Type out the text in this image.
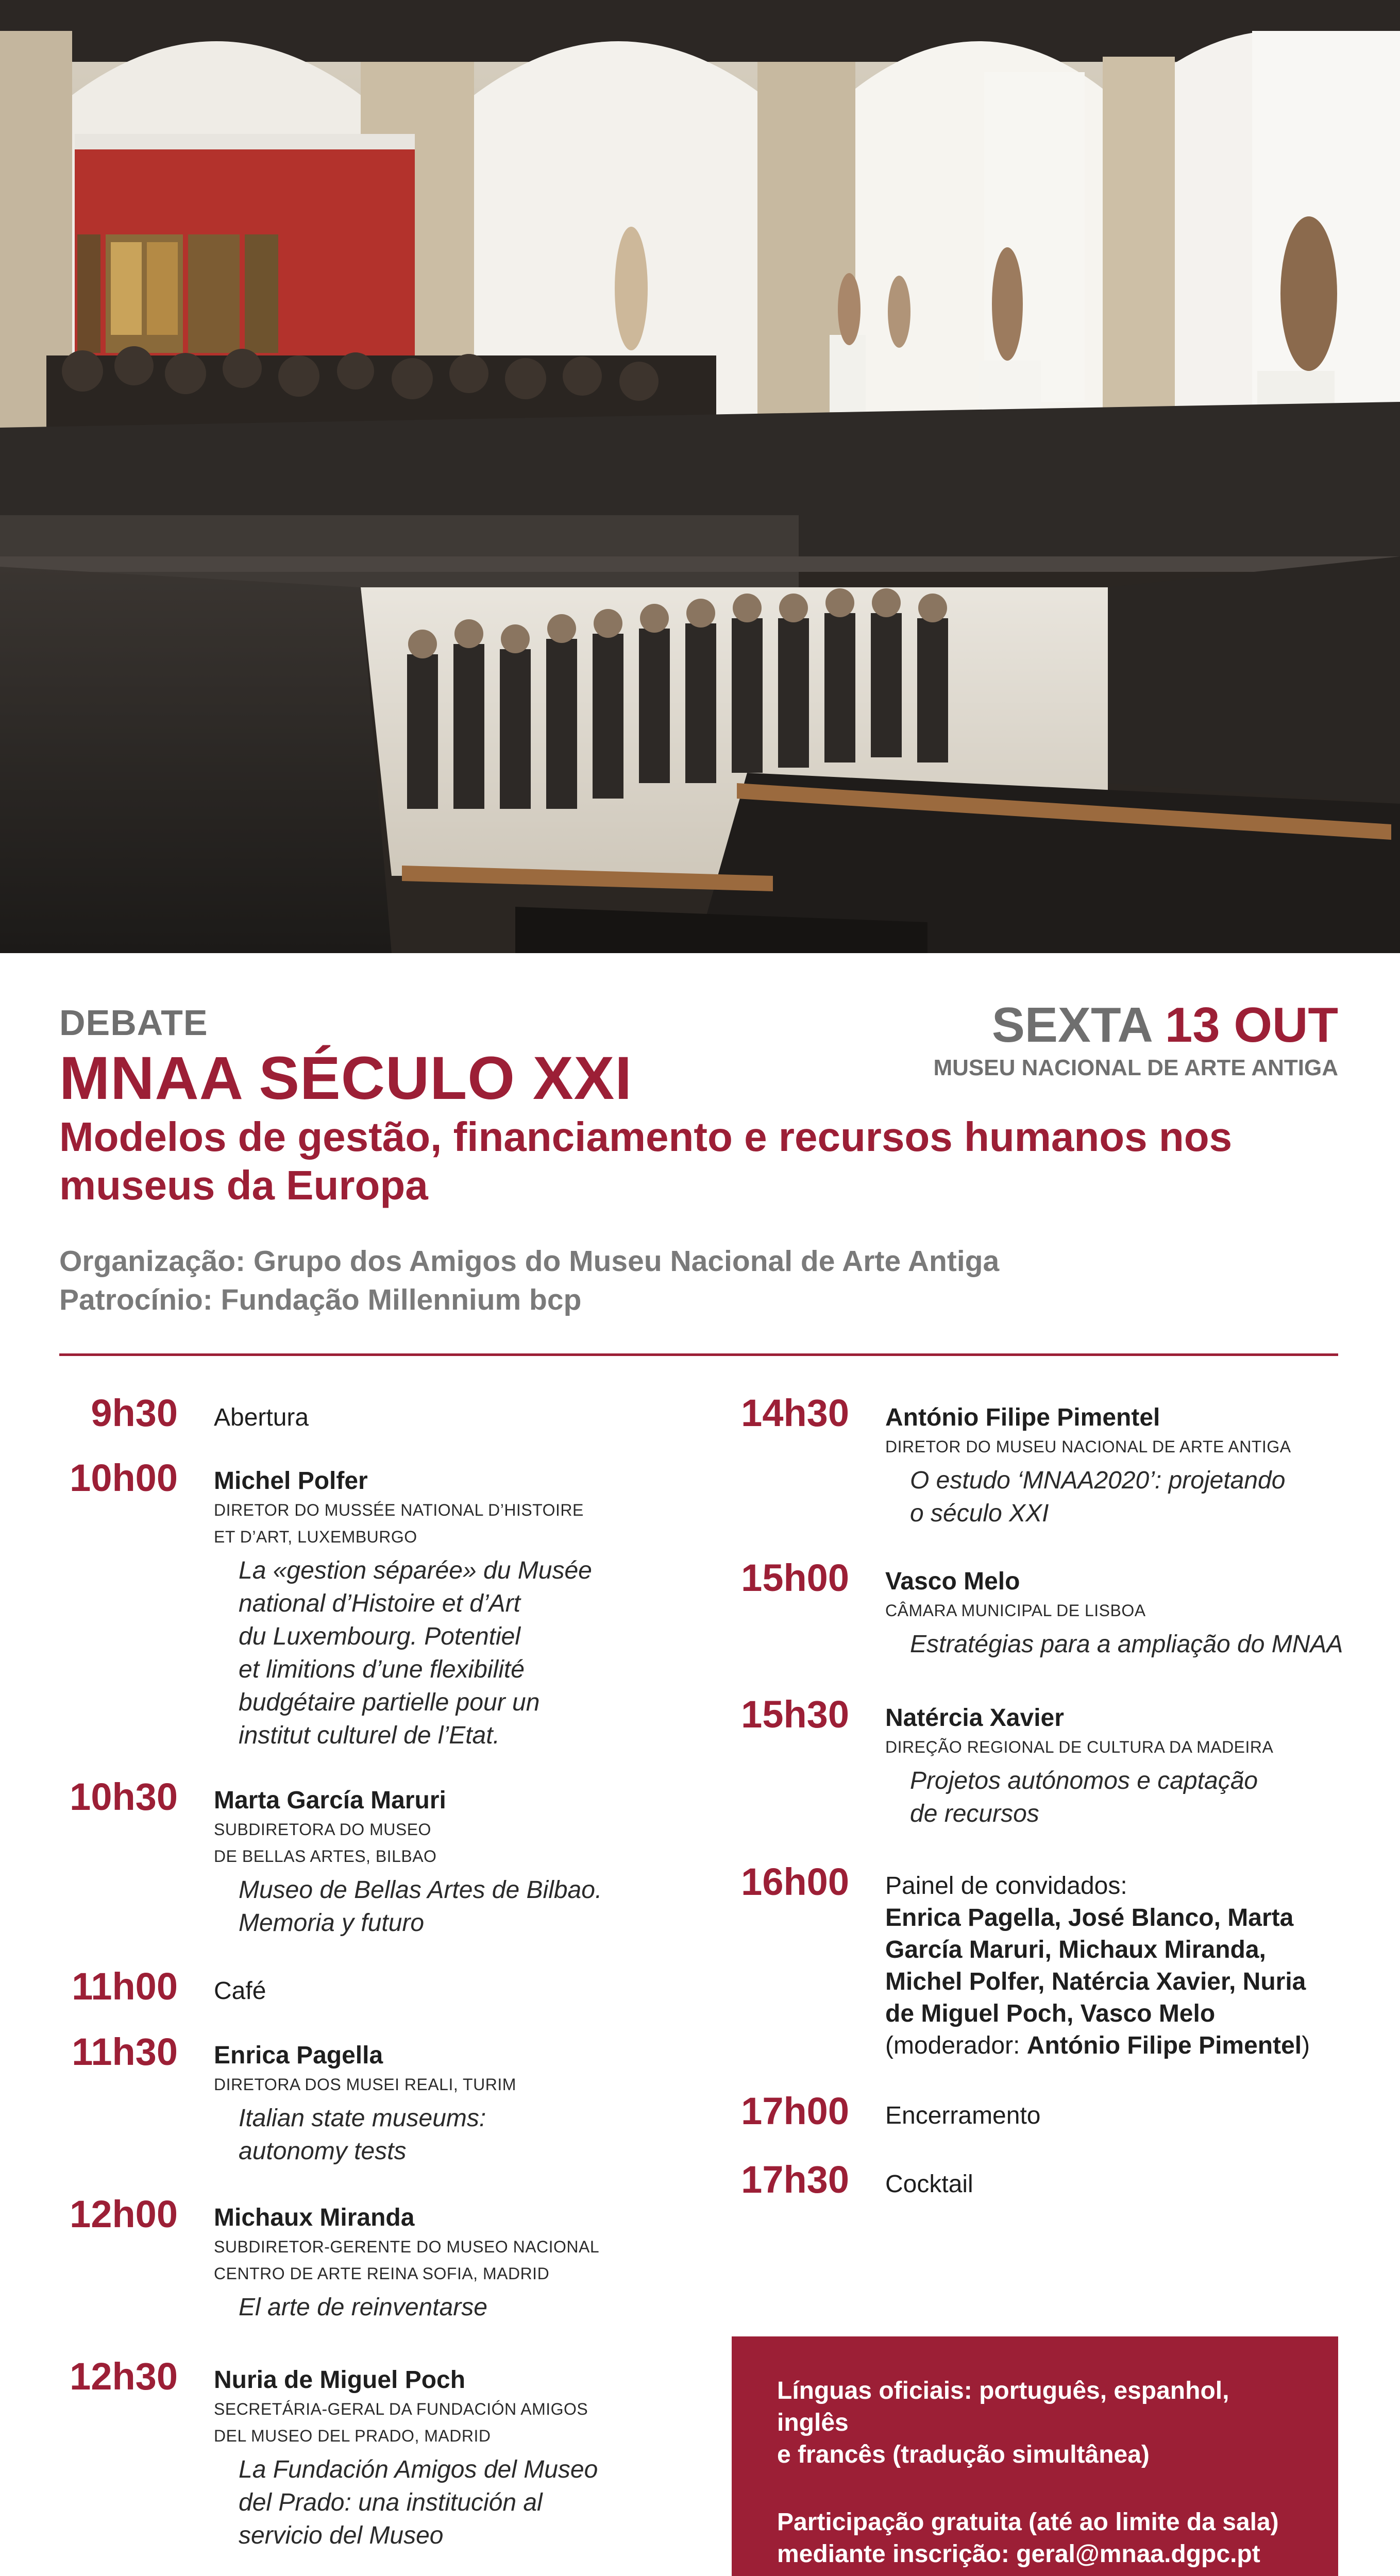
DEBATE
MNAA SÉCULO XXI
Modelos de gestão, financiamento e recursos humanos nos
museus da Europa
SEXTA 13 OUT
MUSEU NACIONAL DE ARTE ANTIGA
Organização: Grupo dos Amigos do Museu Nacional de Arte Antiga
Patrocínio: Fundação Millennium bcp
9h30 Abertura
10h00 Michel Polfer
DIRETOR DO MUSSÉE NATIONAL D’HISTOIRE
ET D’ART, LUXEMBURGO
La «gestion séparée» du Musée
national d’Histoire et d’Art
du Luxembourg. Potentiel
et limitions d’une flexibilité
budgétaire partielle pour un
institut culturel de l’Etat.
10h30 Marta García Maruri
SUBDIRETORA DO MUSEO
DE BELLAS ARTES, BILBAO
Museo de Bellas Artes de Bilbao.
Memoria y futuro
11h00 Café
11h30 Enrica Pagella
DIRETORA DOS MUSEI REALI, TURIM
Italian state museums:
autonomy tests
12h00 Michaux Miranda
SUBDIRETOR-GERENTE DO MUSEO NACIONAL
CENTRO DE ARTE REINA SOFIA, MADRID
El arte de reinventarse
12h30 Nuria de Miguel Poch
SECRETÁRIA-GERAL DA FUNDACIÓN AMIGOS
DEL MUSEO DEL PRADO, MADRID
La Fundación Amigos del Museo
del Prado: una institución al
servicio del Museo
14h30 António Filipe Pimentel
DIRETOR DO MUSEU NACIONAL DE ARTE ANTIGA
O estudo ‘MNAA2020’: projetando
o século XXI
15h00 Vasco Melo
CÂMARA MUNICIPAL DE LISBOA
Estratégias para a ampliação do MNAA
15h30 Natércia Xavier
DIREÇÃO REGIONAL DE CULTURA DA MADEIRA
Projetos autónomos e captação
de recursos
16h00 Painel de convidados:
Enrica Pagella, José Blanco, Marta
García Maruri, Michaux Miranda,
Michel Polfer, Natércia Xavier, Nuria
de Miguel Poch, Vasco Melo
(moderador: António Filipe Pimentel)
17h00 Encerramento
17h30 Cocktail
Línguas oficiais: português, espanhol, inglês
e francês (tradução simultânea)
Participação gratuita (até ao limite da sala)
mediante inscrição: geral@mnaa.dgpc.pt
